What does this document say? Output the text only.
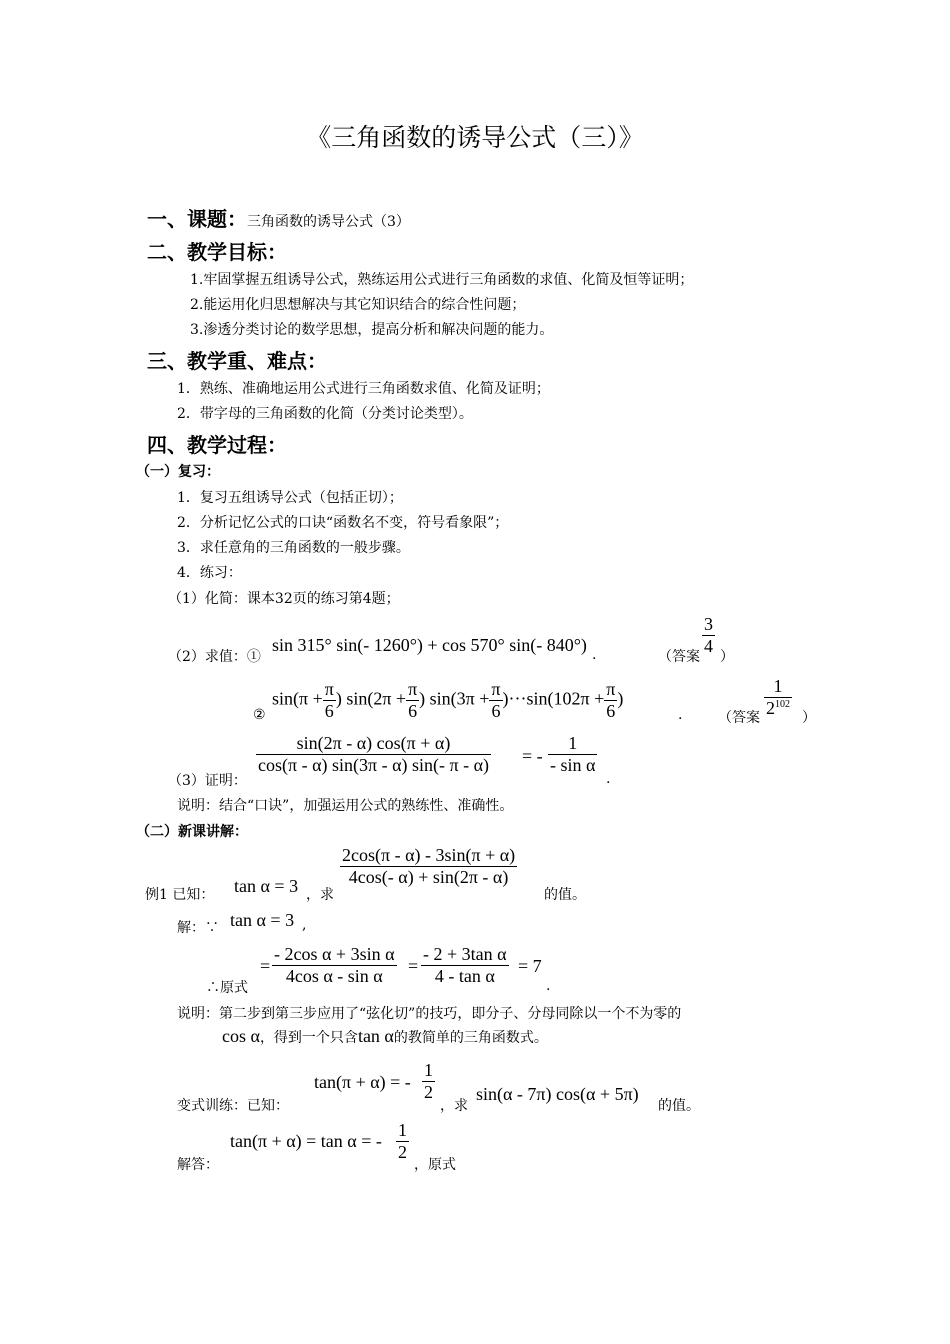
《三角函数的诱导公式（三）》
一、课题：三角函数的诱导公式（3）
二、教学目标：
1.牢固掌握五组诱导公式，熟练运用公式进行三角函数的求值、化简及恒等证明；
2.能运用化归思想解决与其它知识结合的综合性问题；
3.渗透分类讨论的数学思想，提高分析和解决问题的能力。
三、教学重、难点：
1．熟练、准确地运用公式进行三角函数求值、化简及证明；
2．带字母的三角函数的化简（分类讨论类型）。
四、教学过程：
（一）复习：
1．复习五组诱导公式（包括正切）；
2．分析记忆公式的口诀“函数名不变，符号看象限”；
3．求任意角的三角函数的一般步骤。
4．练习：
（1）化简：课本32页的练习第4题；
（2）求值：①
sin 315° sin(- 1260°) + cos 570° sin(- 840°) .	（答案 $\frac{3}{4}$ ）
②
$\sin(\pi + \frac{\pi}{6}$ ) $\sin(2\pi + \frac{\pi}{6}$ ) $\sin(3\pi + \frac{\pi}{6} )\cdot\cdot\cdot\sin(102\pi + \frac{\pi}{6}$ )
.	（答案 $\frac{1}{2^{102}}$ ）
（3）证明：
$\frac{\sin(2\pi - \alpha) \cos(\pi + \alpha)}{\cos(\pi - \alpha) \sin(3\pi - \alpha) \sin(- \pi - \alpha)}$ = - $\frac{1}{\text{- sin α}}$
.
说明：结合“口诀”，加强运用公式的熟练性、准确性。
（二）新课讲解：
例1 已知： tan α = 3 ，求
$\frac{2\cos(\pi - \alpha) - 3\sin(\pi + \alpha)}{4\cos(- \alpha) + \sin(2\pi - \alpha)}$
的值。
解：∵ tan α = 3 ,
∴原式
= $\frac{\text{- 2cos α + 3sin α}}{\text{4cos α - sin α}} = \frac{\text{- 2 + 3tan α}}{\text{4 - tan α}} = 7$
.
说明：第二步到第三步应用了“弦化切”的技巧，即分子、分母同除以一个不为零的
cos α，得到一个只含tan α的教简单的三角函数式。
变式训练：已知：
tan(π + α) = - $\frac{1}{2}$
，求
sin(α - 7π) cos(α + 5π)
的值。
解答：
tan(π + α) = tan α = - $\frac{1}{2}$
，原式
